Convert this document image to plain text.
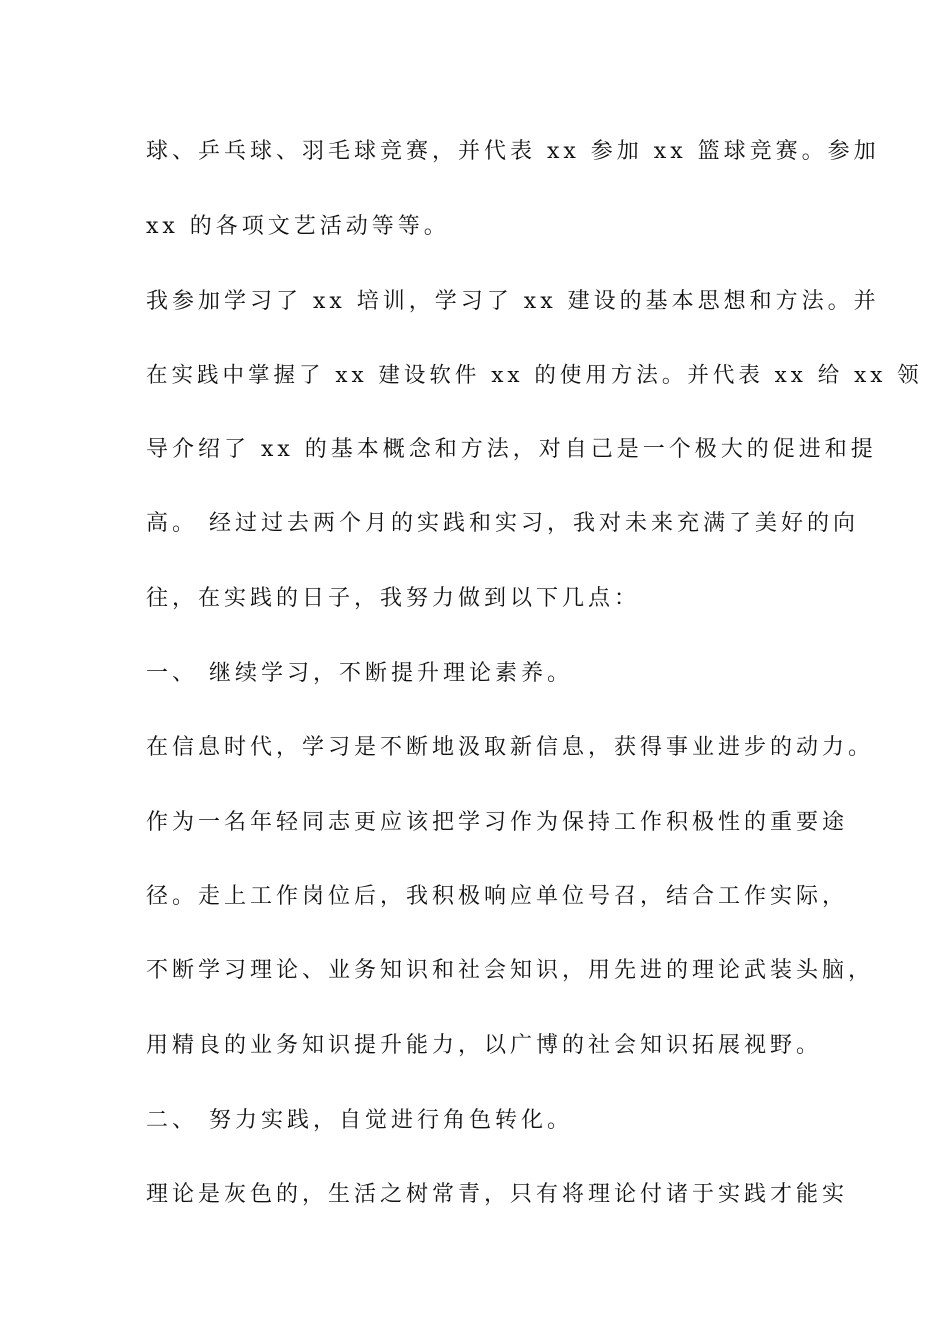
球、乒乓球、羽毛球竞赛，并代表 xx 参加 xx 篮球竞赛。参加
xx 的各项文艺活动等等。
我参加学习了 xx 培训，学习了 xx 建设的基本思想和方法。并
在实践中掌握了 xx 建设软件 xx 的使用方法。并代表 xx 给 xx 领
导介绍了 xx 的基本概念和方法，对自己是一个极大的促进和提
高。 经过过去两个月的实践和实习，我对未来充满了美好的向
往，在实践的日子，我努力做到以下几点：
一、 继续学习，不断提升理论素养。
在信息时代，学习是不断地汲取新信息，获得事业进步的动力。
作为一名年轻同志更应该把学习作为保持工作积极性的重要途
径。走上工作岗位后，我积极响应单位号召，结合工作实际，
不断学习理论、业务知识和社会知识，用先进的理论武装头脑，
用精良的业务知识提升能力，以广博的社会知识拓展视野。
二、 努力实践，自觉进行角色转化。
理论是灰色的，生活之树常青，只有将理论付诸于实践才能实
